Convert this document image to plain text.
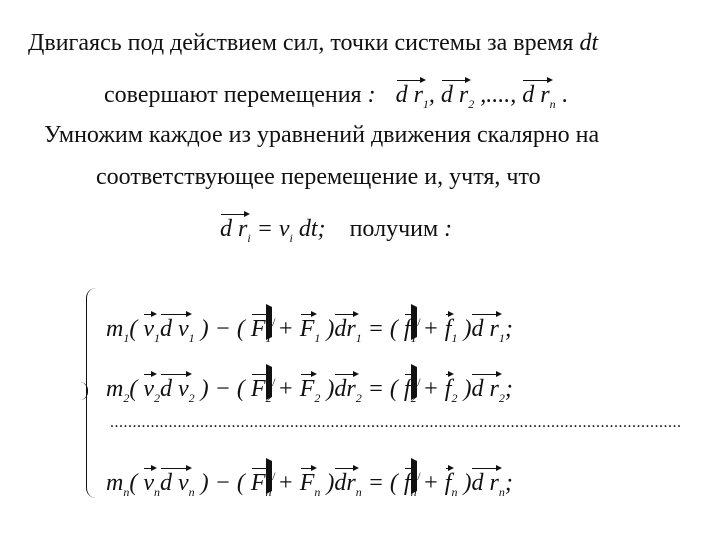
Двигаясь под действием сил, точки системы за время dt
совершают перемещения : d $r_1$, d $r_2$ ,...., d $r_n$ .
Умножим каждое из уравнений движения скалярно на
соответствующее перемещение и, учтя, что
d $r_i = v_i$ dt; получим :
$m_1$( $v_1d$ $v_1$ ) − ( F $/_1 + F_1$ )$dr_1$ = ( f $/_1 + f_1$ )d $r_1$;
$m_2$( $v_2d$ $v_2$ ) − ( F $/_2 + F_2$ )$dr_2$ = ( f $/_2 + f_2$ )d $r_2$;
...............................................................................................................................
$m_n$( $v_nd$ $v_n$ ) − ( F $/_n + F_n$ )$dr_n$ = ( f $/_n + f_n$ )d $r_n$;
